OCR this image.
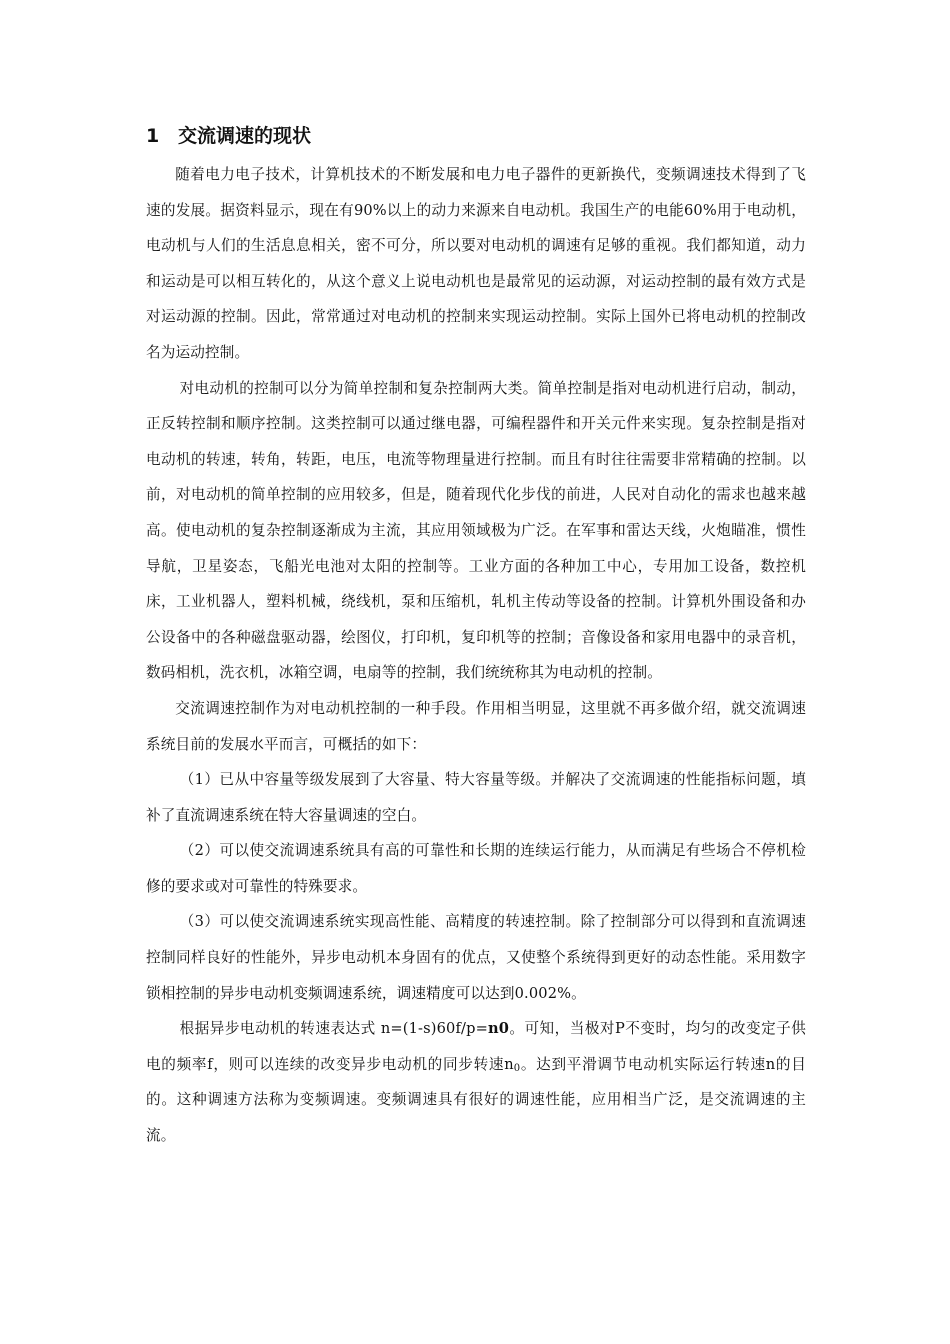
1 交流调速的现状

随着电力电子技术，计算机技术的不断发展和电力电子器件的更新换代，变频调速技术得到了飞速的发展。据资料显示，现在有90%以上的动力来源来自电动机。我国生产的电能60%用于电动机，电动机与人们的生活息息相关，密不可分，所以要对电动机的调速有足够的重视。我们都知道，动力和运动是可以相互转化的，从这个意义上说电动机也是最常见的运动源，对运动控制的最有效方式是对运动源的控制。因此，常常通过对电动机的控制来实现运动控制。实际上国外已将电动机的控制改名为运动控制。

对电动机的控制可以分为简单控制和复杂控制两大类。简单控制是指对电动机进行启动，制动，正反转控制和顺序控制。这类控制可以通过继电器，可编程器件和开关元件来实现。复杂控制是指对电动机的转速，转角，转距，电压，电流等物理量进行控制。而且有时往往需要非常精确的控制。以前，对电动机的简单控制的应用较多，但是，随着现代化步伐的前进，人民对自动化的需求也越来越高。使电动机的复杂控制逐渐成为主流，其应用领域极为广泛。在军事和雷达天线，火炮瞄准，惯性导航，卫星姿态，飞船光电池对太阳的控制等。工业方面的各种加工中心，专用加工设备，数控机床，工业机器人，塑料机械，绕线机，泵和压缩机，轧机主传动等设备的控制。计算机外围设备和办公设备中的各种磁盘驱动器，绘图仪，打印机，复印机等的控制；音像设备和家用电器中的录音机，数码相机，洗衣机，冰箱空调，电扇等的控制，我们统统称其为电动机的控制。

交流调速控制作为对电动机控制的一种手段。作用相当明显，这里就不再多做介绍，就交流调速系统目前的发展水平而言，可概括的如下：

（1）已从中容量等级发展到了大容量、特大容量等级。并解决了交流调速的性能指标问题，填补了直流调速系统在特大容量调速的空白。

（2）可以使交流调速系统具有高的可靠性和长期的连续运行能力，从而满足有些场合不停机检修的要求或对可靠性的特殊要求。

（3）可以使交流调速系统实现高性能、高精度的转速控制。除了控制部分可以得到和直流调速控制同样良好的性能外，异步电动机本身固有的优点，又使整个系统得到更好的动态性能。采用数字锁相控制的异步电动机变频调速系统，调速精度可以达到0.002%。

根据异步电动机的转速表达式 n=(1-s)60f/p=n0。可知，当极对P不变时，均匀的改变定子供电的频率f，则可以连续的改变异步电动机的同步转速$n_0$。达到平滑调节电动机实际运行转速n的目的。这种调速方法称为变频调速。变频调速具有很好的调速性能，应用相当广泛，是交流调速的主流。
